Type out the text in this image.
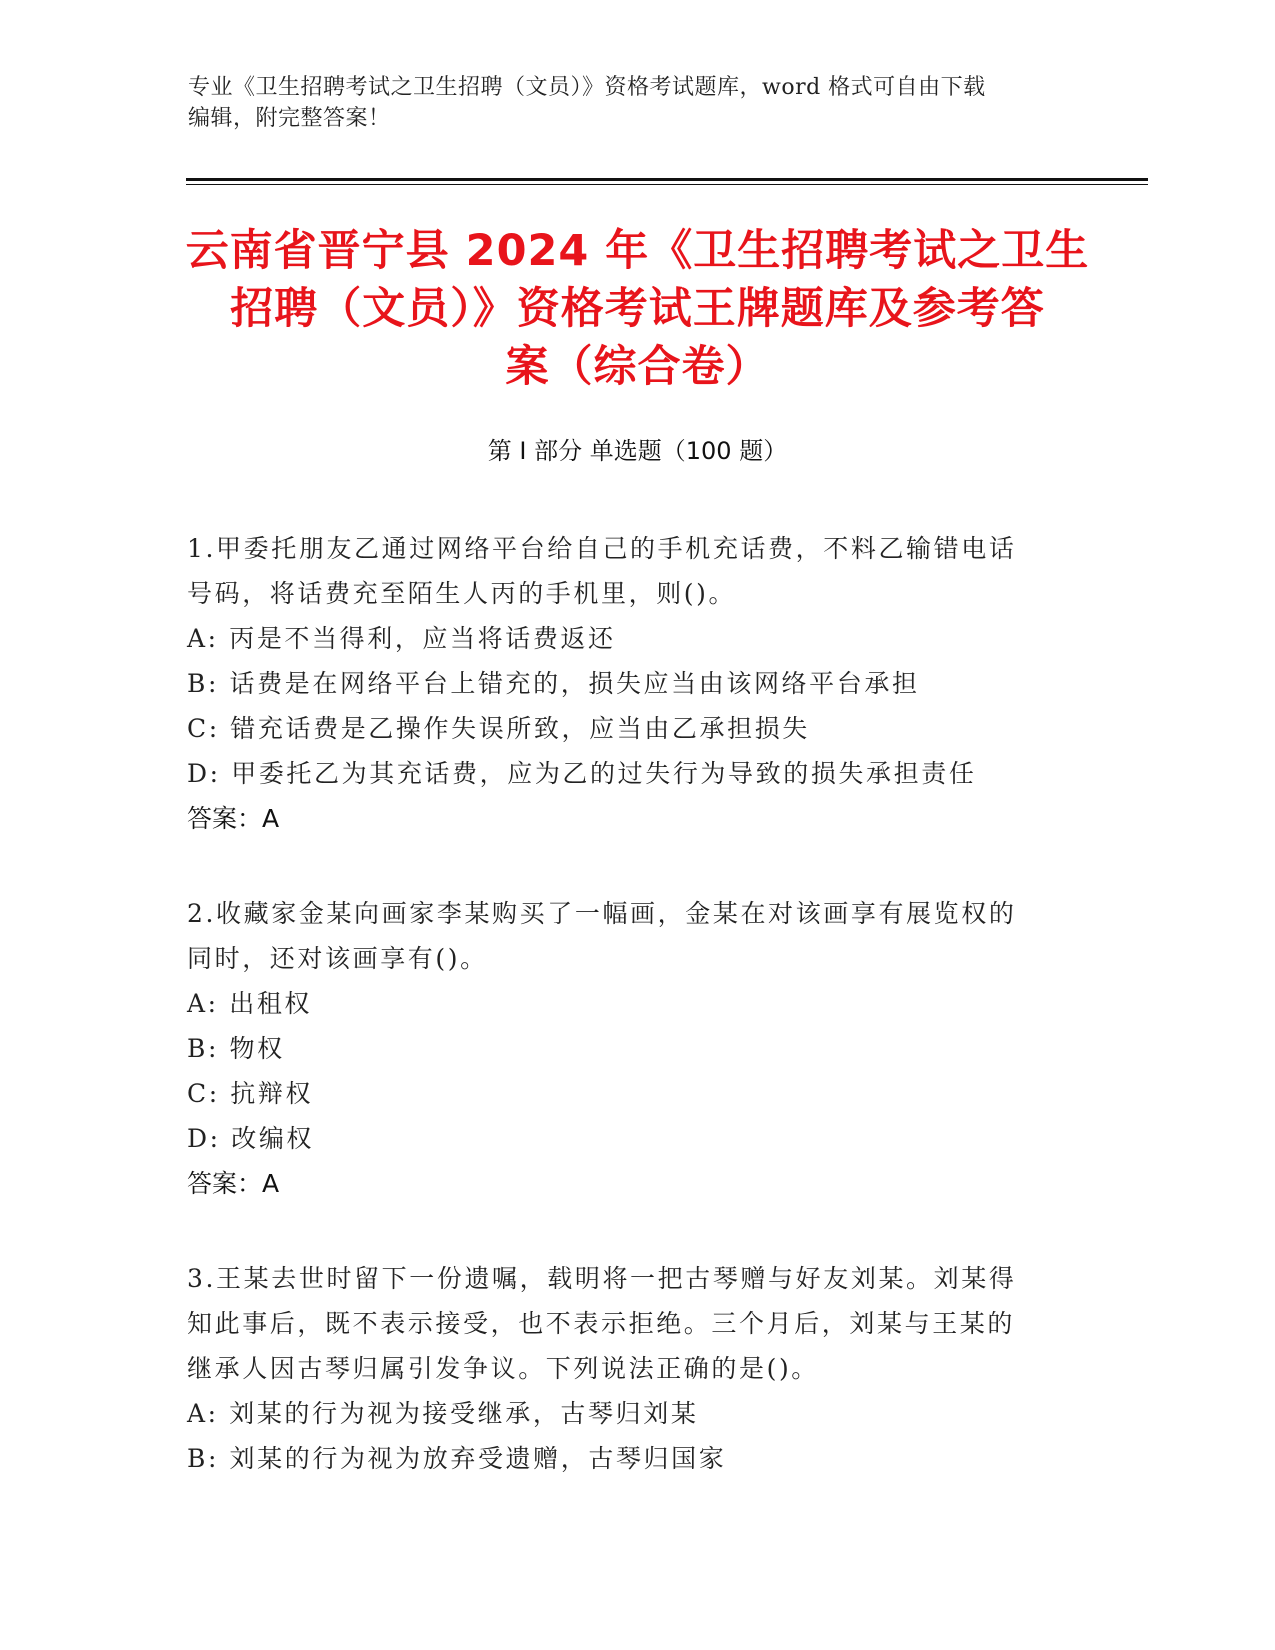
专业《卫生招聘考试之卫生招聘（文员）》资格考试题库，word 格式可自由下载
编辑，附完整答案！
云南省晋宁县 2024 年《卫生招聘考试之卫生
招聘（文员）》资格考试王牌题库及参考答
案（综合卷）
第 I 部分 单选题（100 题）
1.甲委托朋友乙通过网络平台给自己的手机充话费，不料乙输错电话
号码，将话费充至陌生人丙的手机里，则()。
A: 丙是不当得利，应当将话费返还
B: 话费是在网络平台上错充的，损失应当由该网络平台承担
C: 错充话费是乙操作失误所致，应当由乙承担损失
D: 甲委托乙为其充话费，应为乙的过失行为导致的损失承担责任
答案：A
2.收藏家金某向画家李某购买了一幅画，金某在对该画享有展览权的
同时，还对该画享有()。
A: 出租权
B: 物权
C: 抗辩权
D: 改编权
答案：A
3.王某去世时留下一份遗嘱，载明将一把古琴赠与好友刘某。刘某得
知此事后，既不表示接受，也不表示拒绝。三个月后，刘某与王某的
继承人因古琴归属引发争议。下列说法正确的是()。
A: 刘某的行为视为接受继承，古琴归刘某
B: 刘某的行为视为放弃受遗赠，古琴归国家
